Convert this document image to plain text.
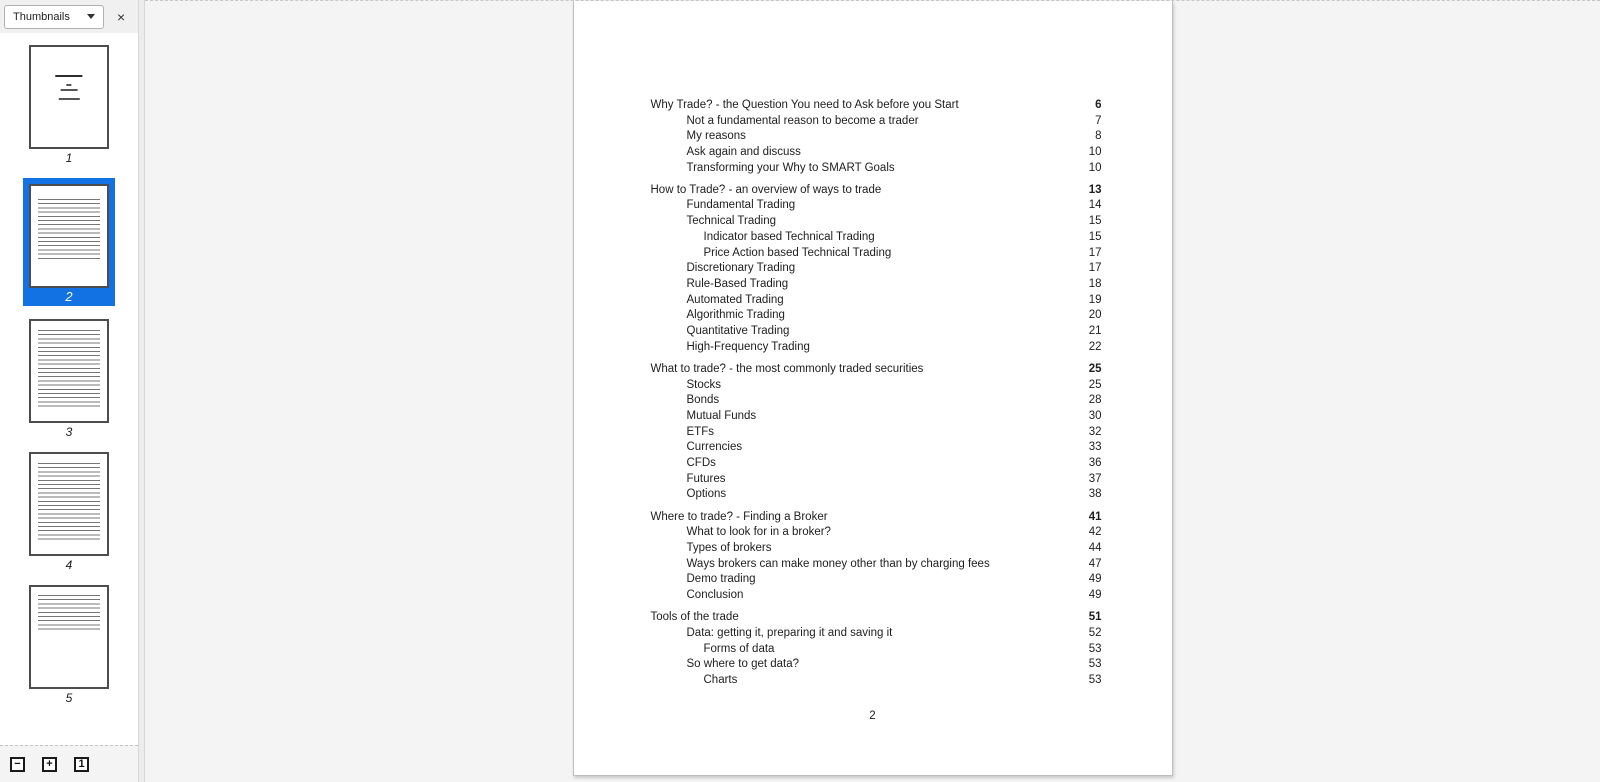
Thumbnails	×
1
2
3
4
5
− + 1
Why Trade? - the Question You need to Ask before you Start	6
Not a fundamental reason to become a trader	7
My reasons	8
Ask again and discuss	10
Transforming your Why to SMART Goals	10
How to Trade? - an overview of ways to trade	13
Fundamental Trading	14
Technical Trading	15
Indicator based Technical Trading	15
Price Action based Technical Trading	17
Discretionary Trading	17
Rule-Based Trading	18
Automated Trading	19
Algorithmic Trading	20
Quantitative Trading	21
High-Frequency Trading	22
What to trade? - the most commonly traded securities	25
Stocks	25
Bonds	28
Mutual Funds	30
ETFs	32
Currencies	33
CFDs	36
Futures	37
Options	38
Where to trade? - Finding a Broker	41
What to look for in a broker?	42
Types of brokers	44
Ways brokers can make money other than by charging fees	47
Demo trading	49
Conclusion	49
Tools of the trade	51
Data: getting it, preparing it and saving it	52
Forms of data	53
So where to get data?	53
Charts	53
2
